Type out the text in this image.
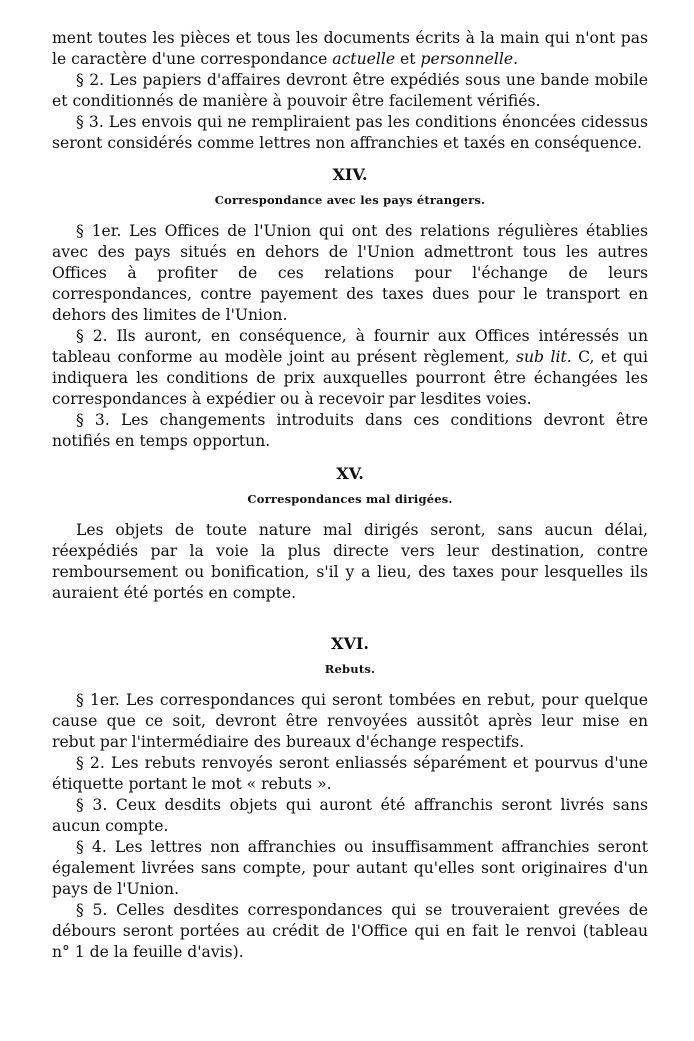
ment toutes les pièces et tous les documents écrits à la main qui n'ont pas le caractère d'une correspondance actuelle et personnelle.

§ 2. Les papiers d'affaires devront être expédiés sous une bande mobile et conditionnés de manière à pouvoir être facilement vérifiés.

§ 3. Les envois qui ne rempliraient pas les conditions énoncées cidessus seront considérés comme lettres non affranchies et taxés en conséquence.

XIV.

Correspondance avec les pays étrangers.

§ 1er. Les Offices de l'Union qui ont des relations régulières établies avec des pays situés en dehors de l'Union admettront tous les autres Offices à profiter de ces relations pour l'échange de leurs correspondances, contre payement des taxes dues pour le transport en dehors des limites de l'Union.

§ 2. Ils auront, en conséquence, à fournir aux Offices intéressés un tableau conforme au modèle joint au présent règlement, sub lit. C, et qui indiquera les conditions de prix auxquelles pourront être échangées les correspondances à expédier ou à recevoir par lesdites voies.

§ 3. Les changements introduits dans ces conditions devront être notifiés en temps opportun.

XV.

Correspondances mal dirigées.

Les objets de toute nature mal dirigés seront, sans aucun délai, réexpédiés par la voie la plus directe vers leur destination, contre remboursement ou bonification, s'il y a lieu, des taxes pour lesquelles ils auraient été portés en compte.

XVI.

Rebuts.

§ 1er. Les correspondances qui seront tombées en rebut, pour quelque cause que ce soit, devront être renvoyées aussitôt après leur mise en rebut par l'intermédiaire des bureaux d'échange respectifs.

§ 2. Les rebuts renvoyés seront enliassés séparément et pourvus d'une étiquette portant le mot « rebuts ».

§ 3. Ceux desdits objets qui auront été affranchis seront livrés sans aucun compte.

§ 4. Les lettres non affranchies ou insuffisamment affranchies seront également livrées sans compte, pour autant qu'elles sont originaires d'un pays de l'Union.

§ 5. Celles desdites correspondances qui se trouveraient grevées de débours seront portées au crédit de l'Office qui en fait le renvoi (tableau n° 1 de la feuille d'avis).
